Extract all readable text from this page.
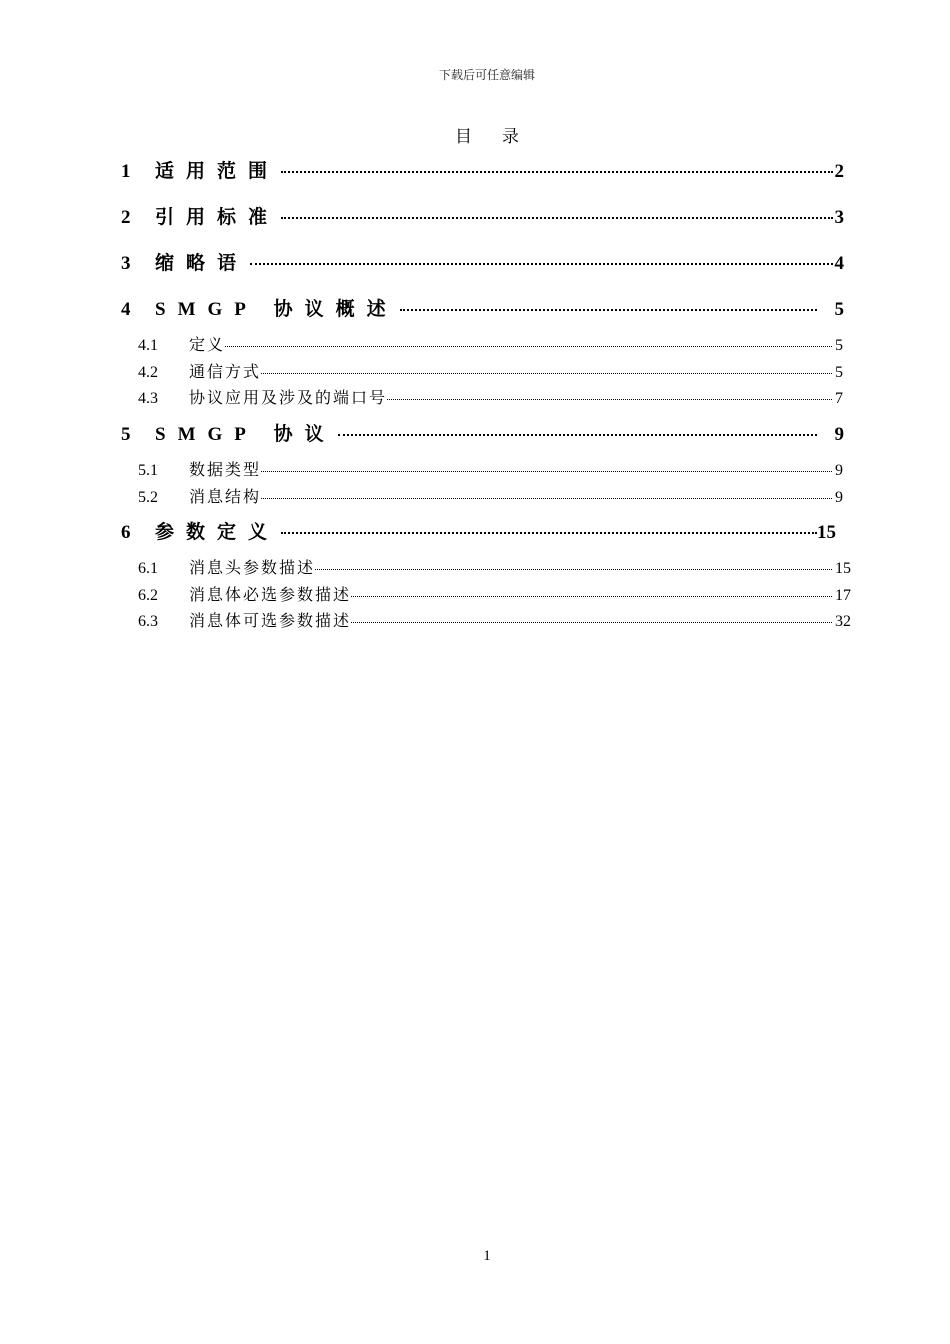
下载后可任意编辑
目 录
1	适用范围	2
2	引用标准	3
3	缩略语	4
4	SMGP 协议概述	5
4.1	定义	5
4.2	通信方式	5
4.3	协议应用及涉及的端口号	7
5	SMGP 协议	9
5.1	数据类型	9
5.2	消息结构	9
6	参数定义	15
6.1	消息头参数描述	15
6.2	消息体必选参数描述	17
6.3	消息体可选参数描述	32
1
